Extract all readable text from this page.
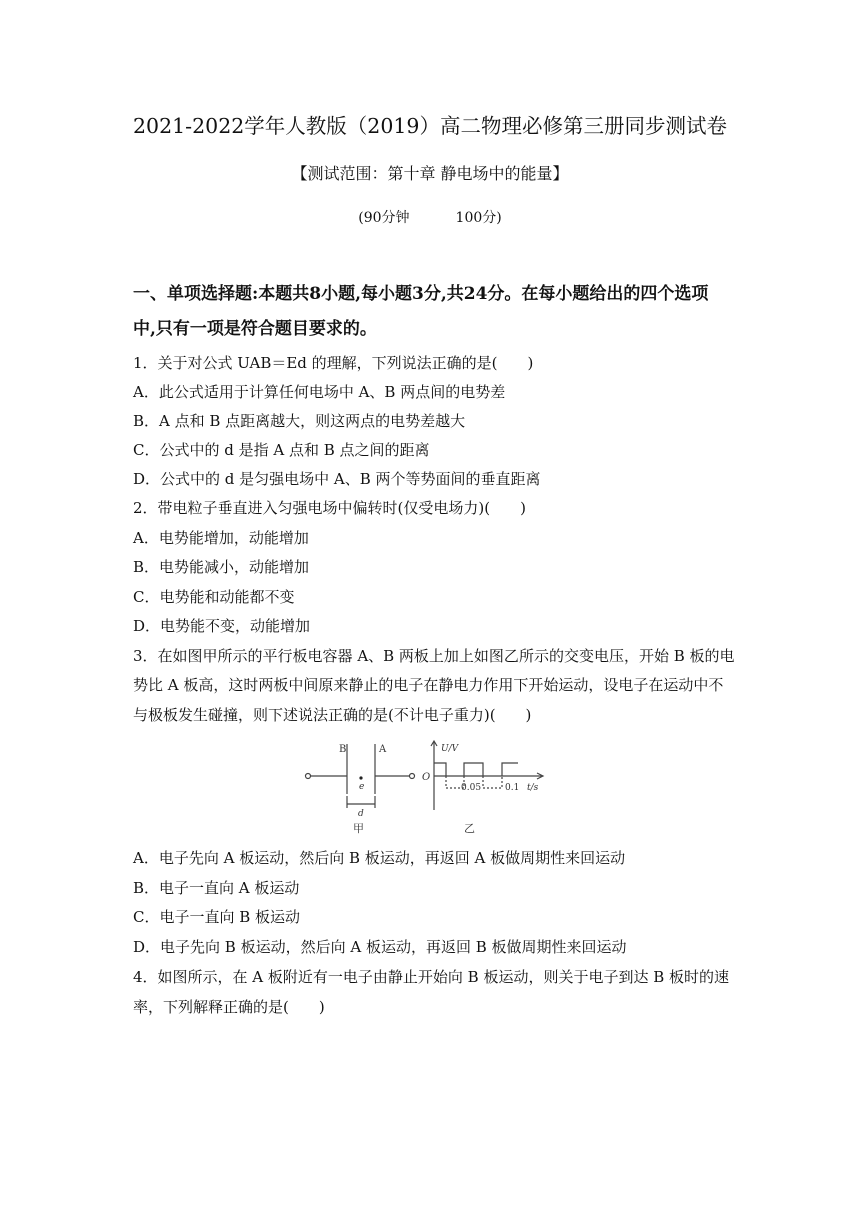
2021-2022学年人教版（2019）高二物理必修第三册同步测试卷
【测试范围：第十章 静电场中的能量】
(90分钟	100分)
一、单项选择题:本题共8小题,每小题3分,共24分。在每小题给出的四个选项
中,只有一项是符合题目要求的。
1．关于对公式 UAB＝Ed 的理解，下列说法正确的是(　　)
A．此公式适用于计算任何电场中 A、B 两点间的电势差
B．A 点和 B 点距离越大，则这两点的电势差越大
C．公式中的 d 是指 A 点和 B 点之间的距离
D．公式中的 d 是匀强电场中 A、B 两个等势面间的垂直距离
2．带电粒子垂直进入匀强电场中偏转时(仅受电场力)(　　)
A．电势能增加，动能增加
B．电势能减小，动能增加
C．电势能和动能都不变
D．电势能不变，动能增加
3．在如图甲所示的平行板电容器 A、B 两板上加上如图乙所示的交变电压，开始 B 板的电
势比 A 板高，这时两板中间原来静止的电子在静电力作用下开始运动，设电子在运动中不
与极板发生碰撞，则下述说法正确的是(不计电子重力)(　　)
B	A
e
d
甲
U/V
O
0.05	0.1 t/s
乙
A．电子先向 A 板运动，然后向 B 板运动，再返回 A 板做周期性来回运动
B．电子一直向 A 板运动
C．电子一直向 B 板运动
D．电子先向 B 板运动，然后向 A 板运动，再返回 B 板做周期性来回运动
4．如图所示，在 A 板附近有一电子由静止开始向 B 板运动，则关于电子到达 B 板时的速
率，下列解释正确的是(　　)
